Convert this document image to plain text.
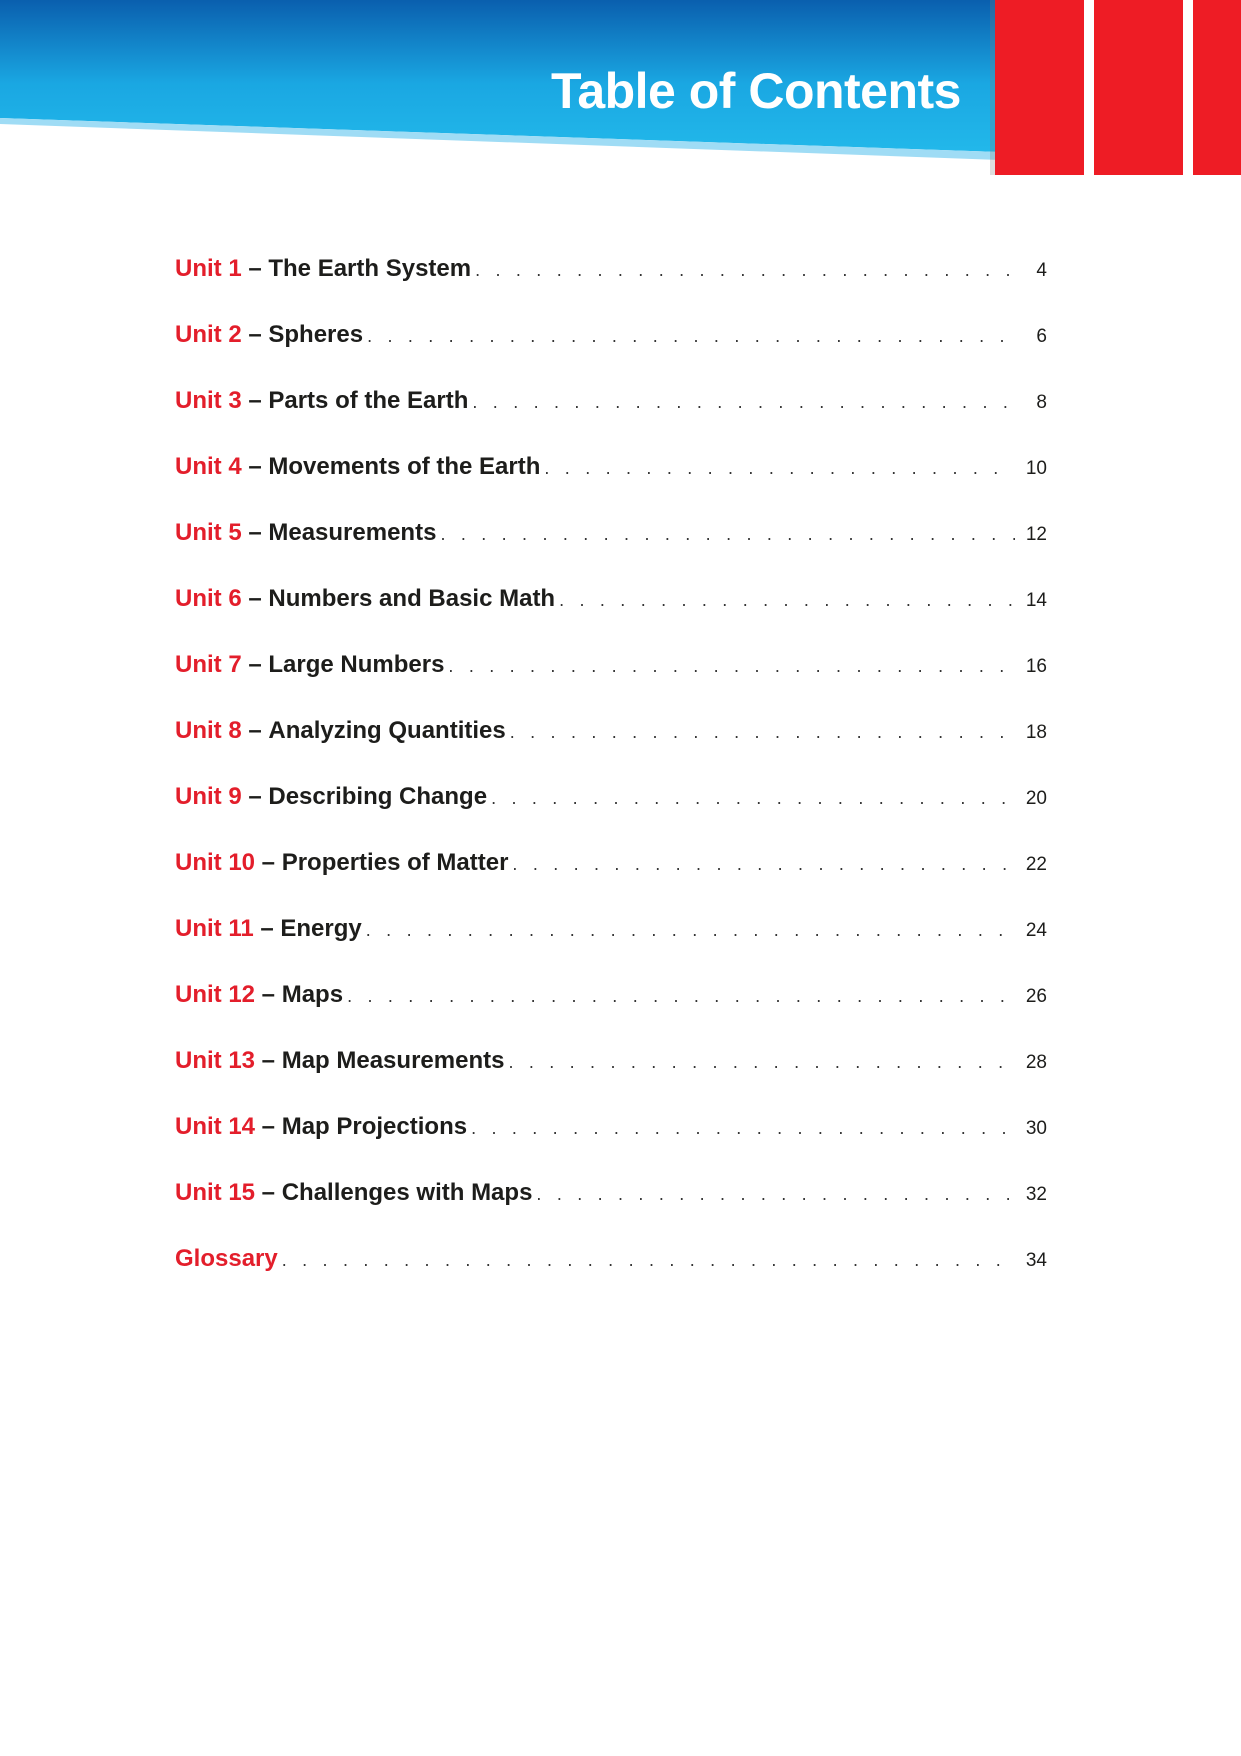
Table of Contents
Unit 1 – The Earth System . . .	4
Unit 2 – Spheres . . .	6
Unit 3 – Parts of the Earth . . .	8
Unit 4 – Movements of the Earth . . .	10
Unit 5 – Measurements . . .	12
Unit 6 – Numbers and Basic Math . . .	14
Unit 7 – Large Numbers . . .	16
Unit 8 – Analyzing Quantities . . .	18
Unit 9 – Describing Change . . .	20
Unit 10 – Properties of Matter . . .	22
Unit 11 – Energy . . .	24
Unit 12 – Maps . . .	26
Unit 13 – Map Measurements . . .	28
Unit 14 – Map Projections . . .	30
Unit 15 – Challenges with Maps . . .	32
Glossary . . .	34
